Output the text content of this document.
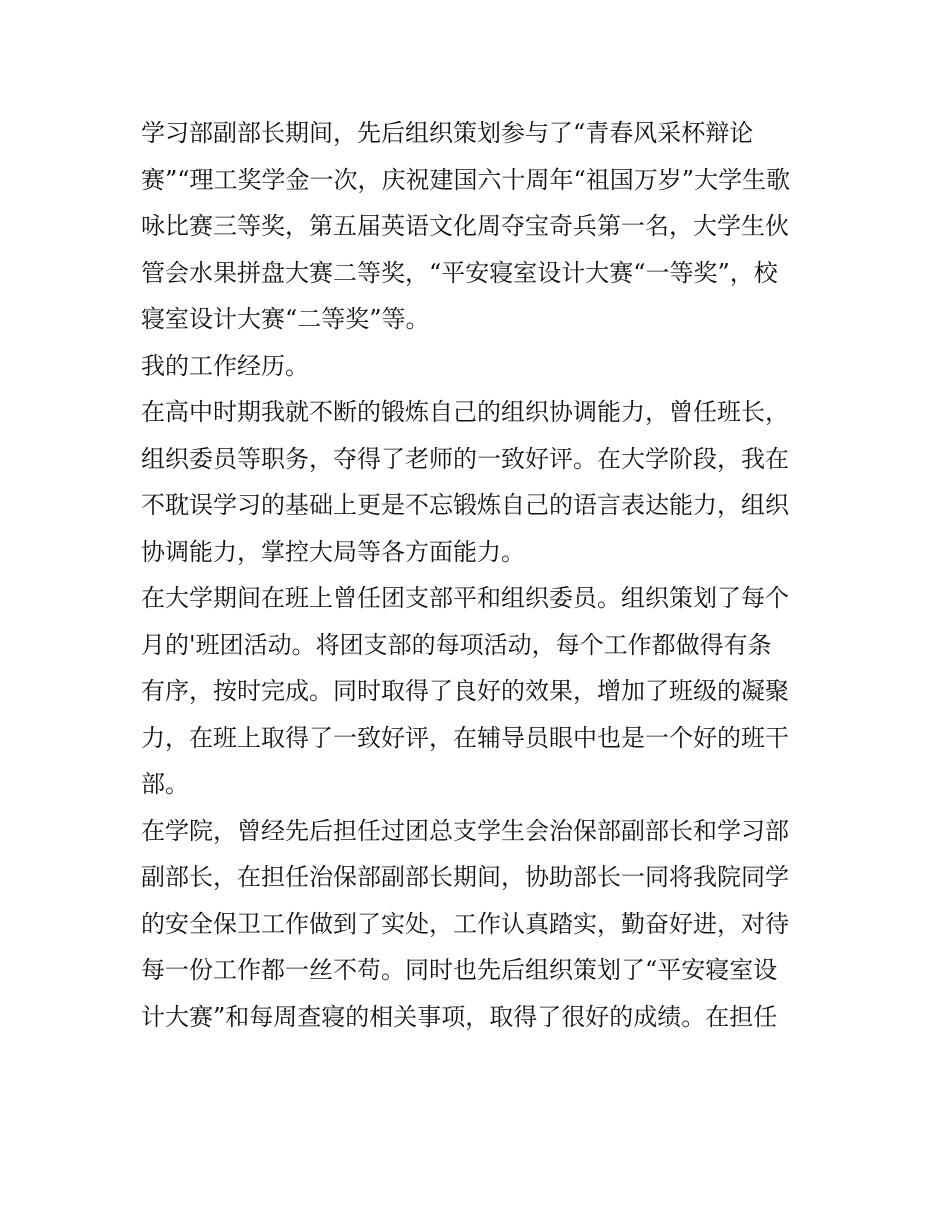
学习部副部长期间，先后组织策划参与了“青春风采杯辩论
赛”“理工奖学金一次，庆祝建国六十周年“祖国万岁”大学生歌
咏比赛三等奖，第五届英语文化周夺宝奇兵第一名，大学生伙
管会水果拼盘大赛二等奖，“平安寝室设计大赛“一等奖”，校
寝室设计大赛“二等奖”等。

我的工作经历。

在高中时期我就不断的锻炼自己的组织协调能力，曾任班长，
组织委员等职务，夺得了老师的一致好评。在大学阶段，我在
不耽误学习的基础上更是不忘锻炼自己的语言表达能力，组织
协调能力，掌控大局等各方面能力。

在大学期间在班上曾任团支部平和组织委员。组织策划了每个
月的'班团活动。将团支部的每项活动，每个工作都做得有条
有序，按时完成。同时取得了良好的效果，增加了班级的凝聚
力，在班上取得了一致好评，在辅导员眼中也是一个好的班干
部。

在学院，曾经先后担任过团总支学生会治保部副部长和学习部
副部长，在担任治保部副部长期间，协助部长一同将我院同学
的安全保卫工作做到了实处，工作认真踏实，勤奋好进，对待
每一份工作都一丝不苟。同时也先后组织策划了“平安寝室设
计大赛”和每周查寝的相关事项，取得了很好的成绩。在担任
